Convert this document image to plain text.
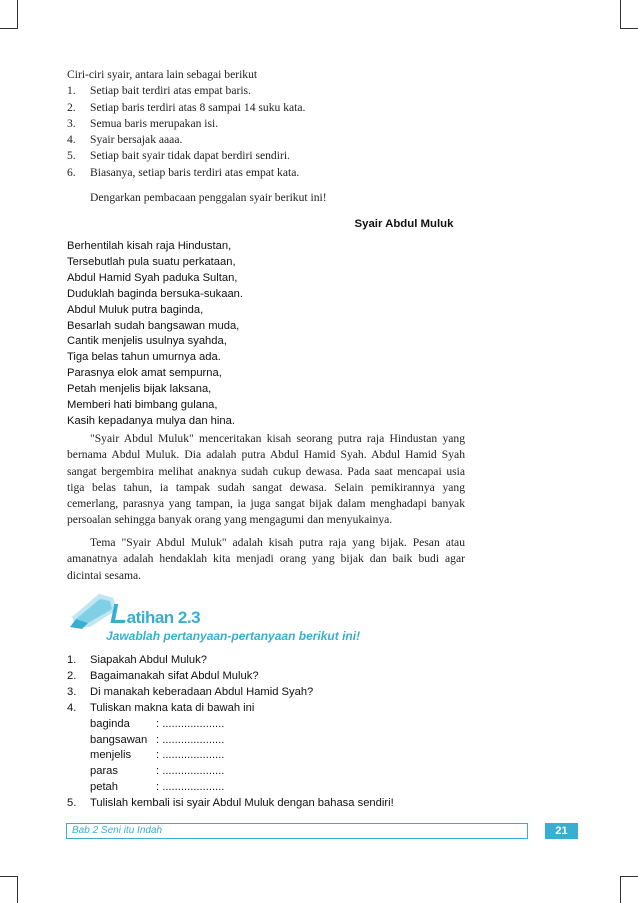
Ciri-ciri syair, antara lain sebagai berikut
1.	Setiap bait terdiri atas empat baris.
2.	Setiap baris terdiri atas 8 sampai 14 suku kata.
3.	Semua baris merupakan isi.
4.	Syair bersajak aaaa.
5.	Setiap bait syair tidak dapat berdiri sendiri.
6.	Biasanya, setiap baris terdiri atas empat kata.
Dengarkan pembacaan penggalan syair berikut ini!
Syair Abdul Muluk
Berhentilah kisah raja Hindustan,
Tersebutlah pula suatu perkataan,
Abdul Hamid Syah paduka Sultan,
Duduklah baginda bersuka-sukaan.
Abdul Muluk putra baginda,
Besarlah sudah bangsawan muda,
Cantik menjelis usulnya syahda,
Tiga belas tahun umurnya ada.
Parasnya elok amat sempurna,
Petah menjelis bijak laksana,
Memberi hati bimbang gulana,
Kasih kepadanya mulya dan hina.
"Syair Abdul Muluk" menceritakan kisah seorang putra raja Hindustan yang bernama Abdul Muluk. Dia adalah putra Abdul Hamid Syah. Abdul Hamid Syah sangat bergembira melihat anaknya sudah cukup dewasa. Pada saat mencapai usia tiga belas tahun, ia tampak sudah sangat dewasa. Selain pemikirannya yang cemerlang, parasnya yang tampan, ia juga sangat bijak dalam menghadapi banyak persoalan sehingga banyak orang yang mengagumi dan menyukainya.
Tema "Syair Abdul Muluk" adalah kisah putra raja yang bijak. Pesan atau amanatnya adalah hendaklah kita menjadi orang yang bijak dan baik budi agar dicintai sesama.
Latihan 2.3
Jawablah pertanyaan-pertanyaan berikut ini!
1.	Siapakah Abdul Muluk?
2.	Bagaimanakah sifat Abdul Muluk?
3.	Di manakah keberadaan Abdul Hamid Syah?
4.	Tuliskan makna kata di bawah ini
baginda	: ....................
bangsawan : ....................
menjelis	: ....................
paras	: ....................
petah	: ....................
5.	Tulislah kembali isi syair Abdul Muluk dengan bahasa sendiri!
Bab 2 Seni itu Indah	21
